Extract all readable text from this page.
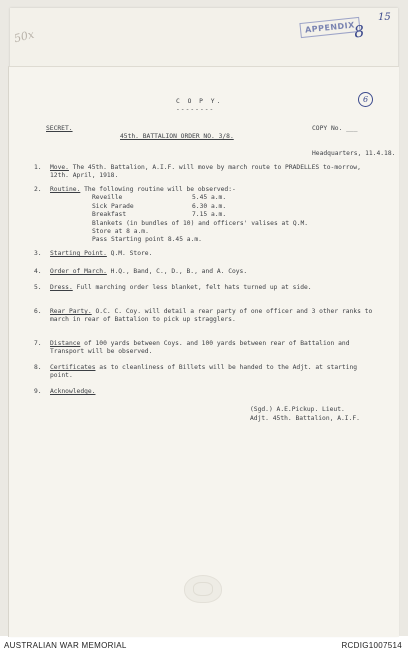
50x
APPENDIX
8
15
6
C O P Y.
--------
SECRET.	COPY No. ___
45th. BATTALION ORDER NO. 3/8.
Headquarters, 11.4.18.
1. Move. The 45th. Battalion, A.I.F. will move by march route to PRADELLES to-morrow, 12th. April, 1918.
2. Routine. The following routine will be observed:-
Reveille	5.45 a.m.
Sick Parade	6.30 a.m.
Breakfast	7.15 a.m.
Blankets (in bundles of 10) and officers' valises at Q.M.
Store at 8 a.m.
Pass Starting point 8.45 a.m.
3. Starting Point. Q.M. Store.
4. Order of March. H.Q., Band, C., D., B., and A. Coys.
5. Dress. Full marching order less blanket, felt hats turned up at side.
6. Rear Party. O.C. C. Coy. will detail a rear party of one officer and 3 other ranks to march in rear of Battalion to pick up stragglers.
7. Distance of 100 yards between Coys. and 100 yards between rear of Battalion and Transport will be observed.
8. Certificates as to cleanliness of Billets will be handed to the Adjt. at starting point.
9. Acknowledge.
(Sgd.) A.E.Pickup. Lieut.
Adjt. 45th. Battalion, A.I.F.
AUSTRALIAN WAR MEMORIAL	RCDIG1007514
